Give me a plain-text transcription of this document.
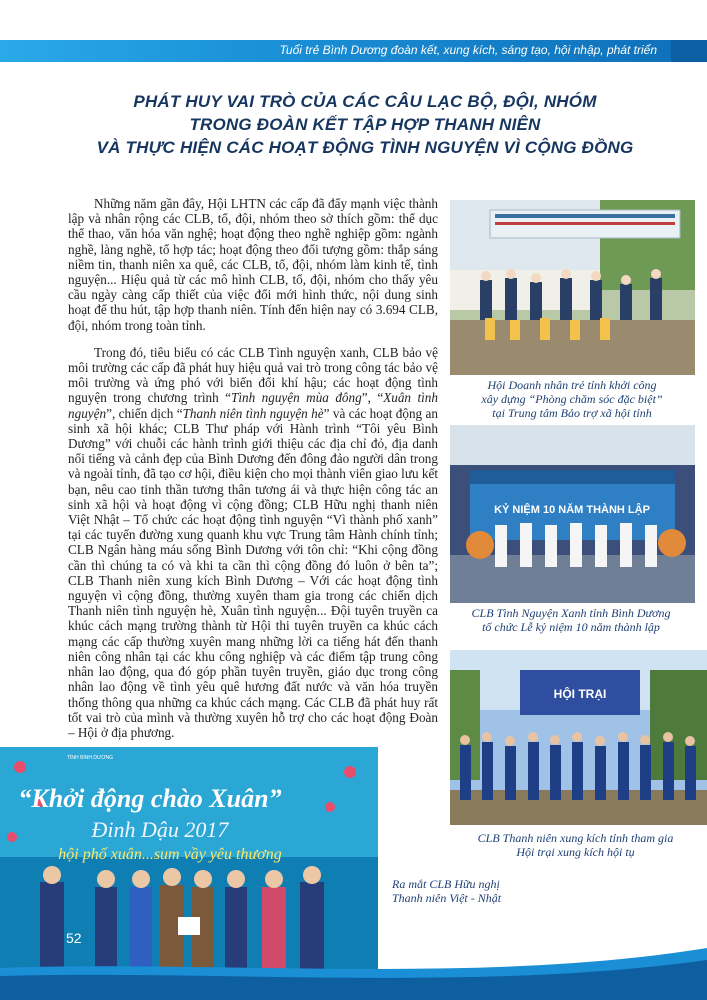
Tuổi trẻ Bình Dương đoàn kết, xung kích, sáng tạo, hội nhập, phát triển
PHÁT HUY VAI TRÒ CỦA CÁC CÂU LẠC BỘ, ĐỘI, NHÓM
TRONG ĐOÀN KẾT TẬP HỢP THANH NIÊN
VÀ THỰC HIỆN CÁC HOẠT ĐỘNG TÌNH NGUYỆN VÌ CỘNG ĐỒNG

Những năm gần đây, Hội LHTN các cấp đã đẩy mạnh việc thành lập và nhân rộng các CLB, tổ, đội, nhóm theo sở thích gồm: thể dục thể thao, văn hóa văn nghệ; hoạt động theo nghề nghiệp gồm: ngành nghề, làng nghề, tổ hợp tác; hoạt động theo đối tượng gồm: thắp sáng niềm tin, thanh niên xa quê, các CLB, tổ, đội, nhóm làm kinh tế, tình nguyện... Hiệu quả từ các mô hình CLB, tổ, đội, nhóm cho thấy yêu cầu ngày càng cấp thiết của việc đổi mới hình thức, nội dung sinh hoạt để thu hút, tập hợp thanh niên. Tính đến hiện nay có 3.694 CLB, đội, nhóm trong toàn tỉnh.

Trong đó, tiêu biểu có các CLB Tình nguyện xanh, CLB bảo vệ môi trường các cấp đã phát huy hiệu quả vai trò trong công tác bảo vệ môi trường và ứng phó với biến đổi khí hậu; các hoạt động tình nguyện trong chương trình “Tình nguyện mùa đông”, “Xuân tình nguyện”, chiến dịch “Thanh niên tình nguyện hè” và các hoạt động an sinh xã hội khác; CLB Thư pháp với Hành trình “Tôi yêu Bình Dương” với chuỗi các hành trình giới thiệu các địa chỉ đỏ, địa danh nổi tiếng và cảnh đẹp của Bình Dương đến đông đảo người dân trong và ngoài tỉnh, đã tạo cơ hội, điều kiện cho mọi thành viên giao lưu kết bạn, nêu cao tinh thần tương thân tương ái và thực hiện công tác an sinh xã hội và hoạt động vì cộng đồng; CLB Hữu nghị thanh niên Việt Nhật – Tổ chức các hoạt động tình nguyện “Vì thành phố xanh” tại các tuyến đường xung quanh khu vực Trung tâm Hành chính tỉnh; CLB Ngân hàng máu sống Bình Dương với tôn chỉ: “Khi cộng đồng cần thì chúng ta có và khi ta cần thì cộng đồng đó luôn ở bên ta”; CLB Thanh niên xung kích Bình Dương – Với các hoạt động tình nguyện vì cộng đồng, thường xuyên tham gia trong các chiến dịch Thanh niên tình nguyện hè, Xuân tình nguyện... Đội tuyên truyền ca khúc cách mạng trường thành từ Hội thi tuyên truyền ca khúc cách mạng các cấp thường xuyên mang những lời ca tiếng hát đến thanh niên công nhân tại các khu công nghiệp và các điểm tập trung công nhân lao động, qua đó góp phần tuyên truyền, giáo dục trong công nhân lao động về tình yêu quê hương đất nước và văn hóa truyền thống thông qua những ca khúc cách mạng. Các CLB đã phát huy rất tốt vai trò của mình và thường xuyên hỗ trợ cho các hoạt động Đoàn – Hội ở địa phương.

Hội Doanh nhân trẻ tỉnh khởi công
xây dựng “Phòng chăm sóc đặc biệt”
tại Trung tâm Bảo trợ xã hội tỉnh
KỶ NIỆM 10 NĂM THÀNH LẬP
CLB Tình Nguyện Xanh tỉnh Bình Dương
tổ chức Lễ kỷ niệm 10 năm thành lập
HỘI TRẠI
CLB Thanh niên xung kích tỉnh tham gia
Hội trại xung kích hội tụ
“Khởi động chào Xuân”
Đinh Dậu 2017
hội phố xuân...sum vầy yêu thương
TỈNH BÌNH DƯƠNG
Ra mắt CLB Hữu nghị
Thanh niên Việt - Nhật
52
